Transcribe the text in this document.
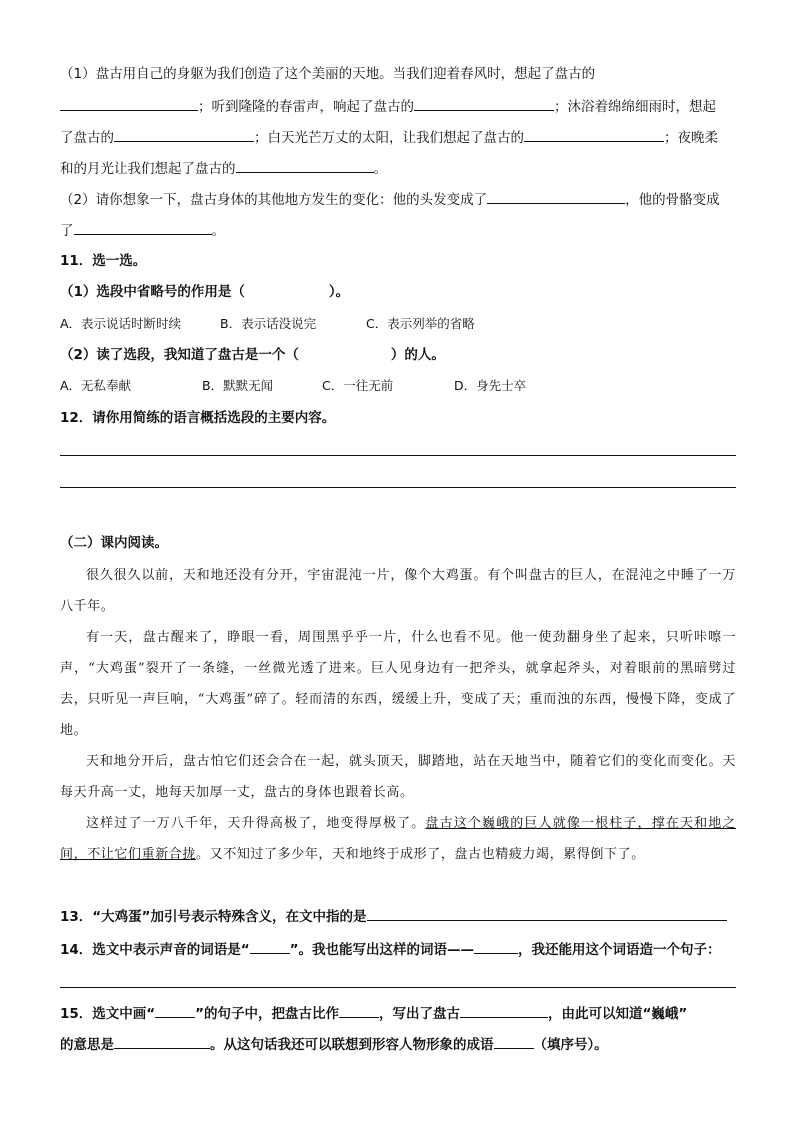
（1）盘古用自己的身躯为我们创造了这个美丽的天地。当我们迎着春风时，想起了盘古的
；听到隆隆的春雷声，响起了盘古的	；沐浴着绵绵细雨时，想起
了盘古的	；白天光芒万丈的太阳，让我们想起了盘古的	；夜晚柔
和的月光让我们想起了盘古的	。
（2）请你想象一下，盘古身体的其他地方发生的变化：他的头发变成了	，他的骨骼变成
了	。
11．选一选。
（1）选段中省略号的作用是（	）。
A．表示说话时断时续	B．表示话没说完	C．表示列举的省略
（2）读了选段，我知道了盘古是一个（	）的人。
A．无私奉献	B．默默无闻	C．一往无前	D．身先士卒
12．请你用简练的语言概括选段的主要内容。
（二）课内阅读。

很久很久以前，天和地还没有分开，宇宙混沌一片，像个大鸡蛋。有个叫盘古的巨人，在混沌之中睡了一万八千年。

有一天，盘古醒来了，睁眼一看，周围黑乎乎一片，什么也看不见。他一使劲翻身坐了起来，只听咔嚓一声，“大鸡蛋”裂开了一条缝，一丝微光透了进来。巨人见身边有一把斧头，就拿起斧头，对着眼前的黑暗劈过去，只听见一声巨响，“大鸡蛋”碎了。轻而清的东西，缓缓上升，变成了天；重而浊的东西，慢慢下降，变成了地。

天和地分开后，盘古怕它们还会合在一起，就头顶天，脚踏地，站在天地当中，随着它们的变化而变化。天每天升高一丈，地每天加厚一丈，盘古的身体也跟着长高。

这样过了一万八千年，天升得高极了，地变得厚极了。盘古这个巍峨的巨人就像一根柱子，撑在天和地之间，不让它们重新合拢。又不知过了多少年，天和地终于成形了，盘古也精疲力竭，累得倒下了。

13．“大鸡蛋”加引号表示特殊含义，在文中指的是
14．选文中表示声音的词语是“	”。我也能写出这样的词语——	，我还能用这个词语造一个句子：
15．选文中画“	”的句子中，把盘古比作	，写出了盘古	，由此可以知道“巍峨”
的意思是	。从这句话我还可以联想到形容人物形象的成语	（填序号）。
